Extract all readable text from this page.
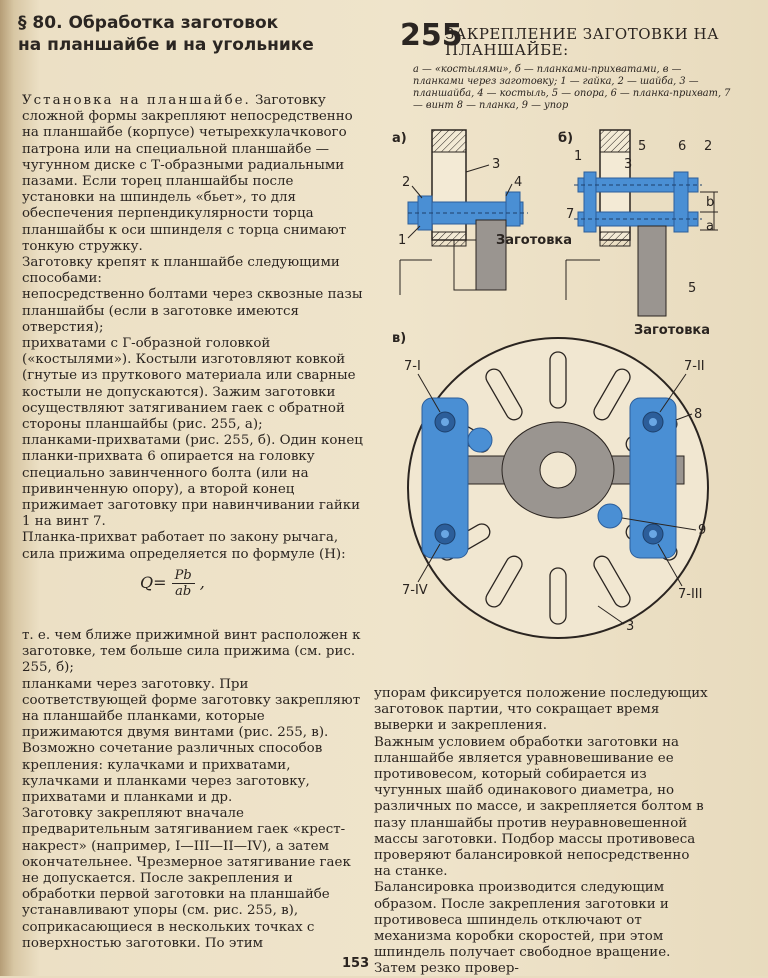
§ 80. Обработка заготовок
на планшайбе и на угольнике

Установка на планшайбе. Заготовку сложной формы закрепляют непосредственно на планшайбе (корпусе) четырехкулачкового патрона или на специальной планшайбе — чугунном диске с Т-образными радиальными пазами. Если торец планшайбы после установки на шпиндель «бьет», то для обеспечения перпендикулярности торца планшайбы к оси шпинделя с торца снимают тонкую стружку.

Заготовку крепят к планшайбе следующими способами:

непосредственно болтами через сквозные пазы планшайбы (если в заготовке имеются отверстия);

прихватами с Г-образной головкой («костылями»). Костыли изготовляют ковкой (гнутые из пруткового материала или сварные костыли не допускаются). Зажим заготовки осуществляют затягиванием гаек с обратной стороны планшайбы (рис. 255, а);

планками-прихватами (рис. 255, б). Один конец планки-прихвата 6 опирается на головку специально завинченного болта (или на привинченную опору), а второй конец прижимает заготовку при навинчивании гайки 1 на винт 7.

Планка-прихват работает по закону рычага, сила прижима определяется по формуле (H):

$Q= \frac{Pb}{ab}$ ,

т. е. чем ближе прижимной винт расположен к заготовке, тем больше сила прижима (см. рис. 255, б);

планками через заготовку. При соответствующей форме заготовку закрепляют на планшайбе планками, которые прижимаются двумя винтами (рис. 255, в).

Возможно сочетание различных способов крепления: кулачками и прихватами, кулачками и планками через заготовку, прихватами и планками и др.

Заготовку закрепляют вначале предварительным затягиванием гаек «крест-накрест» (например, I—III—II—IV), а затем окончательнее. Чрезмерное затягивание гаек не допускается. После закрепления и обработки первой заготовки на планшайбе устанавливают упоры (см. рис. 255, в), соприкасающиеся в нескольких точках с поверхностью заготовки. По этим

255
ЗАКРЕПЛЕНИЕ ЗАГОТОВКИ НА ПЛАНШАЙБЕ:
а — «костылями», б — планками-прихватами, в — планками через заготовку; 1 — гайка, 2 — шайба, 3 — планшайба, 4 — костыль, 5 — опора, 6 — планка-прихват, 7 — винт 8 — планка, 9 — упор
а)
Заготовка
3
4
2
1
б)
a
b
1
5 6 2
7
3
5
Заготовка
в)
7-I	7-II
8
9
7-IV	7-III
3

упорам фиксируется положение последующих заготовок партии, что сокращает время выверки и закрепления.

Важным условием обработки заготовки на планшайбе является уравновешивание ее противовесом, который собирается из чугунных шайб одинакового диаметра, но различных по массе, и закрепляется болтом в пазу планшайбы против неуравновешенной массы заготовки. Подбор массы противовеса проверяют балансировкой непосредственно на станке.

Балансировка производится следующим образом. После закрепления заготовки и противовеса шпиндель отключают от механизма коробки скоростей, при этом шпиндель получает свободное вращение. Затем резко провер-

153
